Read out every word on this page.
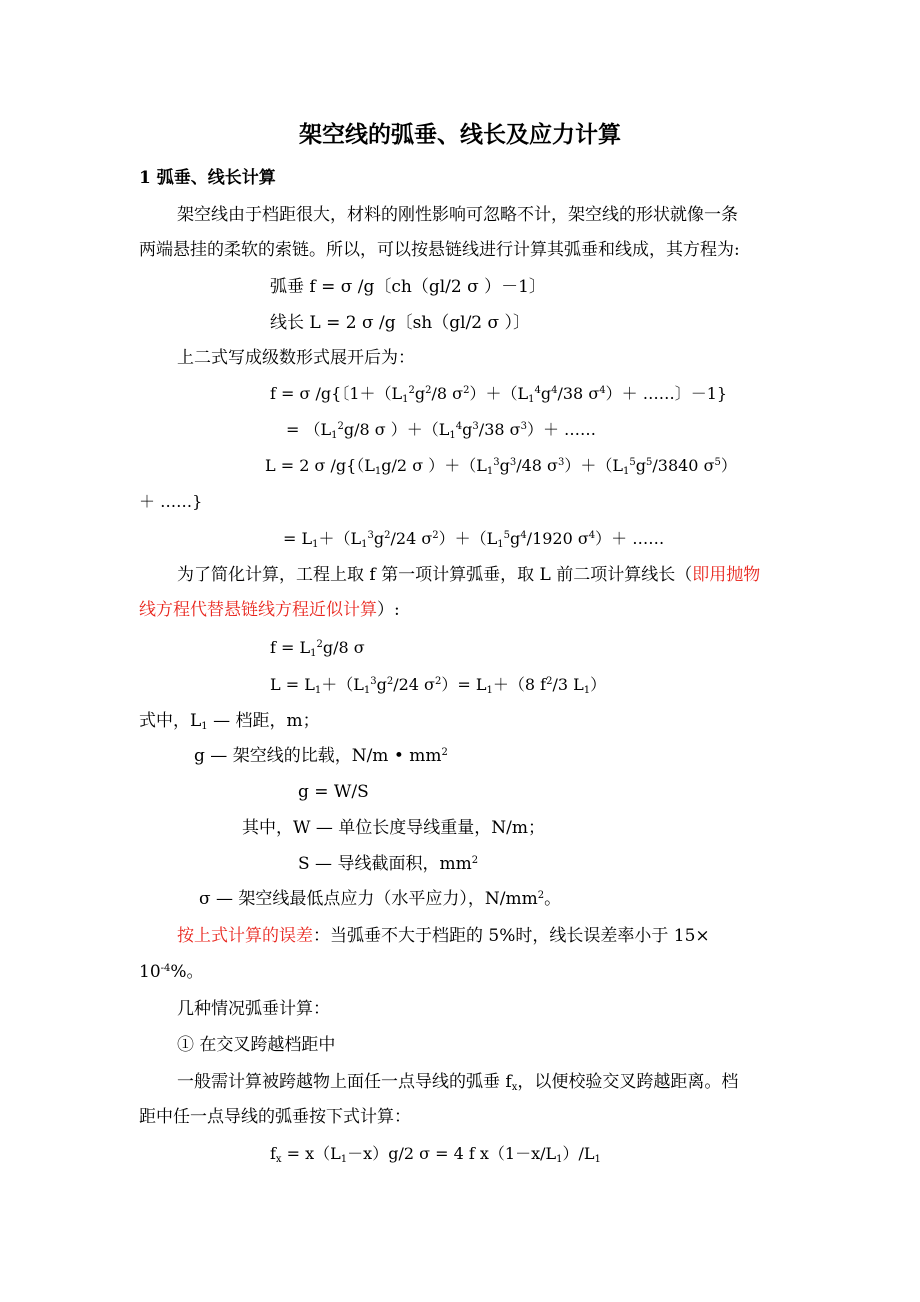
架空线的弧垂、线长及应力计算
1 弧垂、线长计算
架空线由于档距很大，材料的刚性影响可忽略不计，架空线的形状就像一条
两端悬挂的柔软的索链。所以，可以按悬链线进行计算其弧垂和线成，其方程为:
弧垂 f = σ /g〔ch（gl/2 σ ）－1〕
线长 L = 2 σ /g〔sh（gl/2 σ ）〕
上二式写成级数形式展开后为：
f = σ /g{〔$1+(L_1^2g^2/8$ $\sigma^2)+(L_1^4g^4/38$ $\sigma^4)+$ ……〕－1}
= （$L_1^2g/8$ σ ）$+(L_1^4g^3/38$ $\sigma^3)+$ ……
L = 2 σ $/g\{(L_1g/2$ σ ）$+(L_1^3g^3/48$ $\sigma^3)+(L_1^5g^5/3840$ $\sigma^5$）
＋ ……}
= $L_1+(L_1^3g^2/24$ $\sigma^2)+(L_1^5g^4/1920$ $\sigma^4)+$ ……
为了简化计算，工程上取 f 第一项计算弧垂，取 L 前二项计算线长（即用抛物
线方程代替悬链线方程近似计算）:
$f = L_1^2g/8$ σ
$L = L_1+(L_1^3g^2/24$ $\sigma^2)= L_1+(8$ $f^2/3$ $L_1$）
式中，$L_1$ — 档距，m；
g — 架空线的比载，N/m • $mm^2$
g = W/S
其中，W — 单位长度导线重量，N/m；
S — 导线截面积，$mm^2$
σ — 架空线最低点应力（水平应力），$N/mm^2$。
按上式计算的误差：当弧垂不大于档距的 5%时，线长误差率小于 15×
$10^{-4}\%$。
几种情况弧垂计算：
① 在交叉跨越档距中
一般需计算被跨越物上面任一点导线的弧垂 $f_x$，以便校验交叉跨越距离。档
距中任一点导线的弧垂按下式计算：
$f_x = x(L_1-x)g/2$ σ = 4 f $x(1-x/L_1)/L_1$
